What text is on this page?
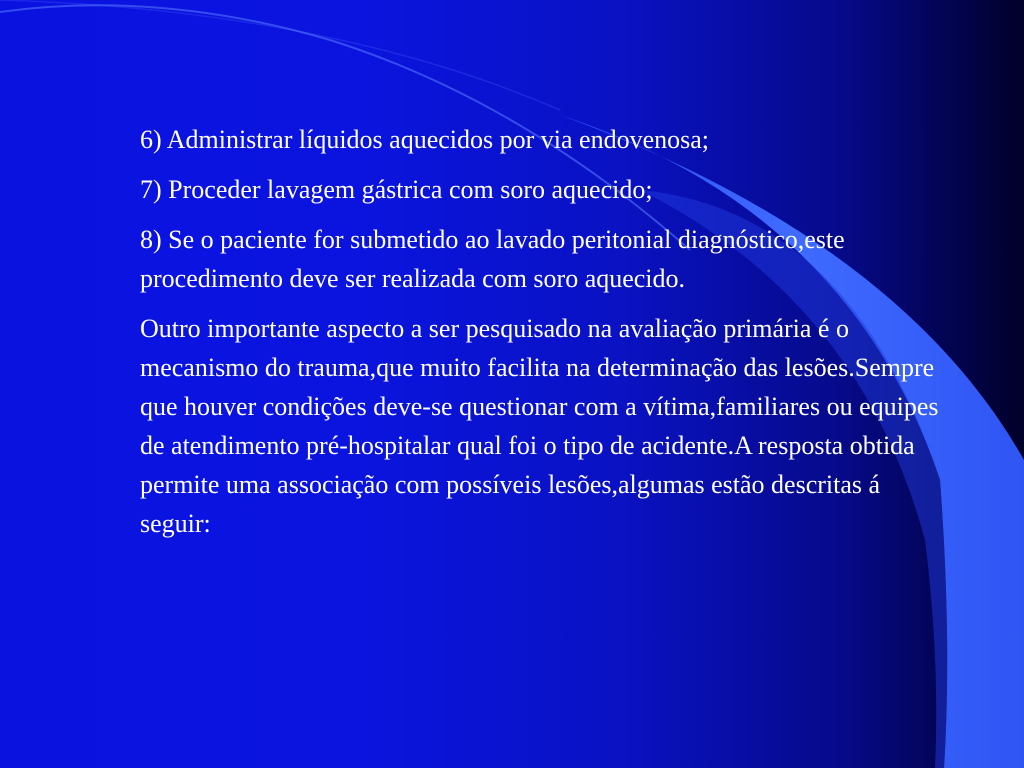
6) Administrar líquidos aquecidos por via endovenosa;

7) Proceder lavagem gástrica com soro aquecido;

8) Se o paciente for submetido ao lavado peritonial diagnóstico,este procedimento deve ser realizada com soro aquecido.

Outro importante aspecto a ser pesquisado na avaliação primária é o mecanismo do trauma,que muito facilita na determinação das lesões.Sempre que houver condições deve-se questionar com a vítima,familiares ou equipes de atendimento pré-hospitalar qual foi o tipo de acidente.A resposta obtida permite uma associação com possíveis lesões,algumas estão descritas á seguir:
